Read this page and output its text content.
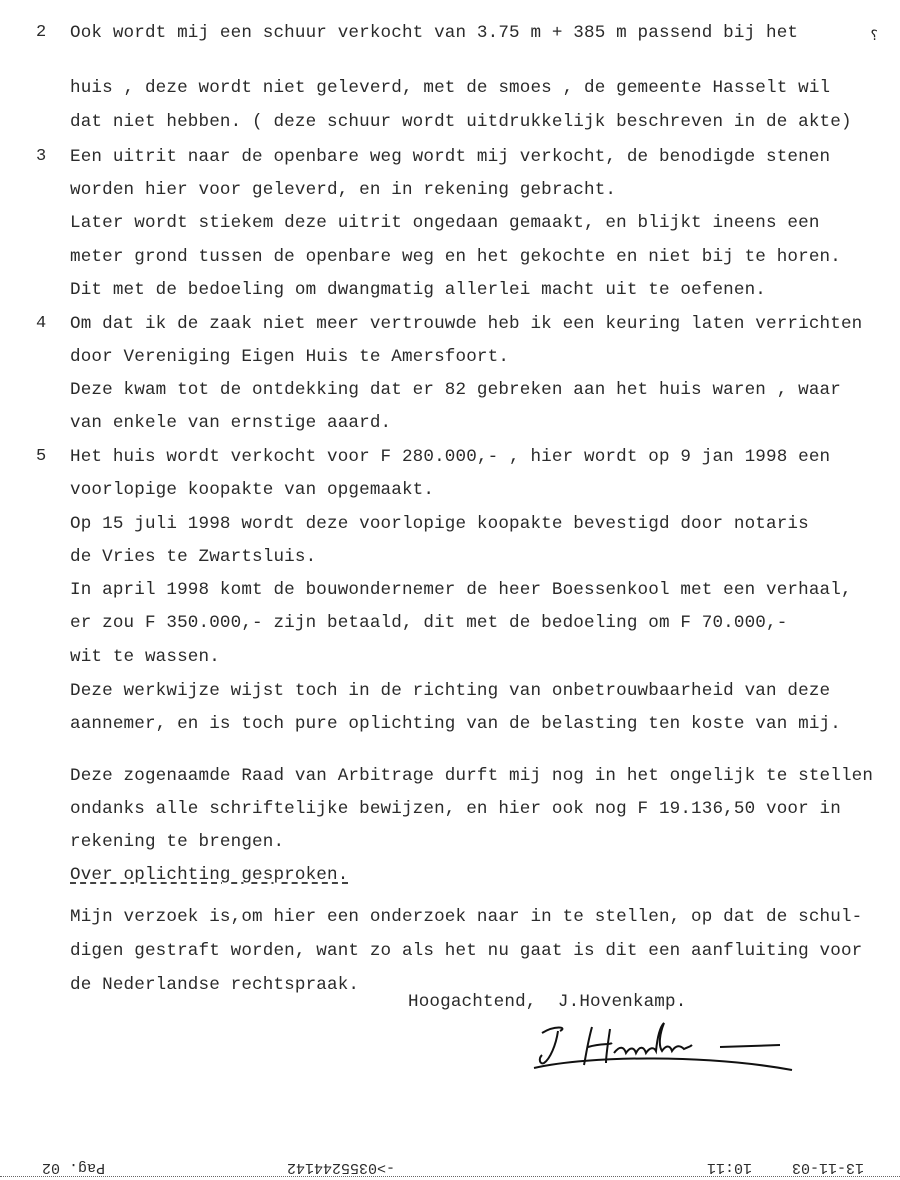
2 Ook wordt mij een schuur verkocht van 3.75 m + 385 m passend bij het
huis , deze wordt niet geleverd, met de smoes , de gemeente Hasselt wil
dat niet hebben. ( deze schuur wordt uitdrukkelijk beschreven in de akte)
3 Een uitrit naar de openbare weg wordt mij verkocht, de benodigde stenen
worden hier voor geleverd, en in rekening gebracht.
Later wordt stiekem deze uitrit ongedaan gemaakt, en blijkt ineens een
meter grond tussen de openbare weg en het gekochte en niet bij te horen.
Dit met de bedoeling om dwangmatig allerlei macht uit te oefenen.
4 Om dat ik de zaak niet meer vertrouwde heb ik een keuring laten verrichten
door Vereniging Eigen Huis te Amersfoort.
Deze kwam tot de ontdekking dat er 82 gebreken aan het huis waren , waar
van enkele van ernstige aaard.
5 Het huis wordt verkocht voor F 280.000,- , hier wordt op 9 jan 1998 een
voorlopige koopakte van opgemaakt.
Op 15 juli 1998 wordt deze voorlopige koopakte bevestigd door notaris
de Vries te Zwartsluis.
In april 1998 komt de bouwondernemer de heer Boessenkool met een verhaal,
er zou F 350.000,- zijn betaald, dit met de bedoeling om F 70.000,-
wit te wassen.
Deze werkwijze wijst toch in de richting van onbetrouwbaarheid van deze
aannemer, en is toch pure oplichting van de belasting ten koste van mij.
Deze zogenaamde Raad van Arbitrage durft mij nog in het ongelijk te stellen
ondanks alle schriftelijke bewijzen, en hier ook nog F 19.136,50 voor in
rekening te brengen.
Over oplichting gesproken.
Mijn verzoek is,om hier een onderzoek naar in te stellen, op dat de schul-
digen gestraft worden, want zo als het nu gaat is dit een aanfluiting voor
de Nederlandse rechtspraak.
Hoogachtend,  J.Hovenkamp.
⸮
13-11-03
10:11
->0355244142
Pag. 02
